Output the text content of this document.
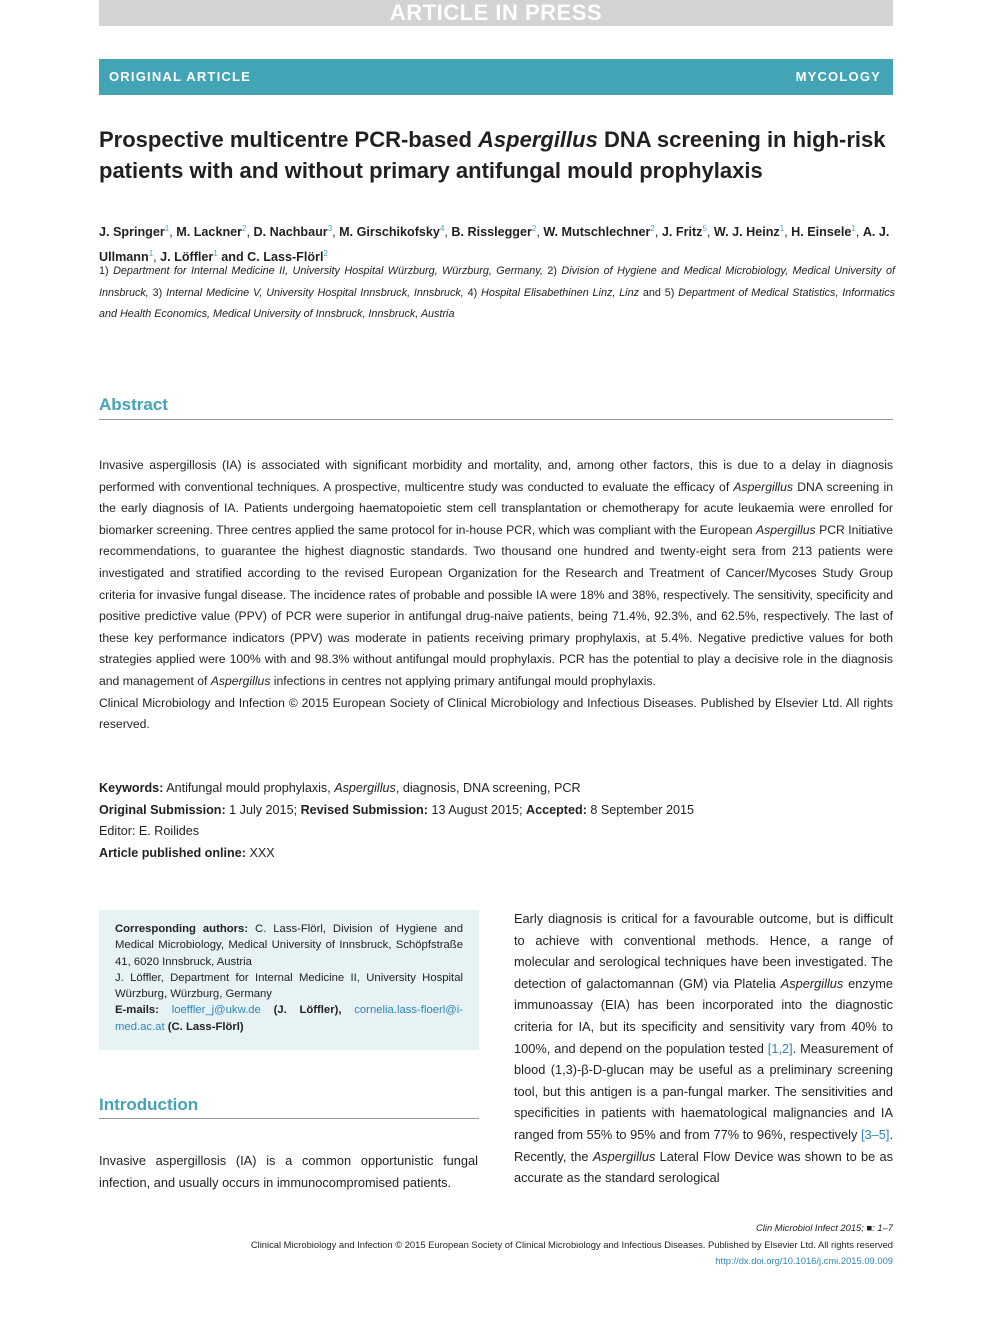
ARTICLE IN PRESS
ORIGINAL ARTICLE	MYCOLOGY
Prospective multicentre PCR-based Aspergillus DNA screening in high-risk patients with and without primary antifungal mould prophylaxis
J. Springer$^1$, M. Lackner$^2$, D. Nachbaur$^3$, M. Girschikofsky$^4$, B. Risslegger$^2$, W. Mutschlechner$^2$, J. Fritz$^5$, W. J. Heinz$^1$, H. Einsele$^1$, A. J. Ullmann$^1$, J. Löffler$^1$ and C. Lass-Flörl$^2$
1) Department for Internal Medicine II, University Hospital Würzburg, Würzburg, Germany, 2) Division of Hygiene and Medical Microbiology, Medical University of Innsbruck, 3) Internal Medicine V, University Hospital Innsbruck, Innsbruck, 4) Hospital Elisabethinen Linz, Linz and 5) Department of Medical Statistics, Informatics and Health Economics, Medical University of Innsbruck, Innsbruck, Austria
Abstract

Invasive aspergillosis (IA) is associated with significant morbidity and mortality, and, among other factors, this is due to a delay in diagnosis performed with conventional techniques. A prospective, multicentre study was conducted to evaluate the efficacy of Aspergillus DNA screening in the early diagnosis of IA. Patients undergoing haematopoietic stem cell transplantation or chemotherapy for acute leukaemia were enrolled for biomarker screening. Three centres applied the same protocol for in-house PCR, which was compliant with the European Aspergillus PCR Initiative recommendations, to guarantee the highest diagnostic standards. Two thousand one hundred and twenty-eight sera from 213 patients were investigated and stratified according to the revised European Organization for the Research and Treatment of Cancer/Mycoses Study Group criteria for invasive fungal disease. The incidence rates of probable and possible IA were 18% and 38%, respectively. The sensitivity, specificity and positive predictive value (PPV) of PCR were superior in antifungal drug-naive patients, being 71.4%, 92.3%, and 62.5%, respectively. The last of these key performance indicators (PPV) was moderate in patients receiving primary prophylaxis, at 5.4%. Negative predictive values for both strategies applied were 100% with and 98.3% without antifungal mould prophylaxis. PCR has the potential to play a decisive role in the diagnosis and management of Aspergillus infections in centres not applying primary antifungal mould prophylaxis.

Clinical Microbiology and Infection © 2015 European Society of Clinical Microbiology and Infectious Diseases. Published by Elsevier Ltd. All rights reserved.

Keywords: Antifungal mould prophylaxis, Aspergillus, diagnosis, DNA screening, PCR
Original Submission: 1 July 2015; Revised Submission: 13 August 2015; Accepted: 8 September 2015
Editor: E. Roilides
Article published online: XXX

Corresponding authors: C. Lass-Flörl, Division of Hygiene and Medical Microbiology, Medical University of Innsbruck, Schöpfstraße 41, 6020 Innsbruck, Austria

J. Löffler, Department for Internal Medicine II, University Hospital Würzburg, Würzburg, Germany

E-mails: loeffler_j@ukw.de (J. Löffler), cornelia.lass-floerl@i-med.ac.at (C. Lass-Flörl)

Introduction
Invasive aspergillosis (IA) is a common opportunistic fungal infection, and usually occurs in immunocompromised patients.
Early diagnosis is critical for a favourable outcome, but is difficult to achieve with conventional methods. Hence, a range of molecular and serological techniques have been investigated. The detection of galactomannan (GM) via Platelia Aspergillus enzyme immunoassay (EIA) has been incorporated into the diagnostic criteria for IA, but its specificity and sensitivity vary from 40% to 100%, and depend on the population tested [1,2]. Measurement of blood (1,3)-β-D-glucan may be useful as a preliminary screening tool, but this antigen is a pan-fungal marker. The sensitivities and specificities in patients with haematological malignancies and IA ranged from 55% to 95% and from 77% to 96%, respectively [3–5]. Recently, the Aspergillus Lateral Flow Device was shown to be as accurate as the standard serological
Clin Microbiol Infect 2015; ■: 1–7
Clinical Microbiology and Infection © 2015 European Society of Clinical Microbiology and Infectious Diseases. Published by Elsevier Ltd. All rights reserved
http://dx.doi.org/10.1016/j.cmi.2015.09.009
